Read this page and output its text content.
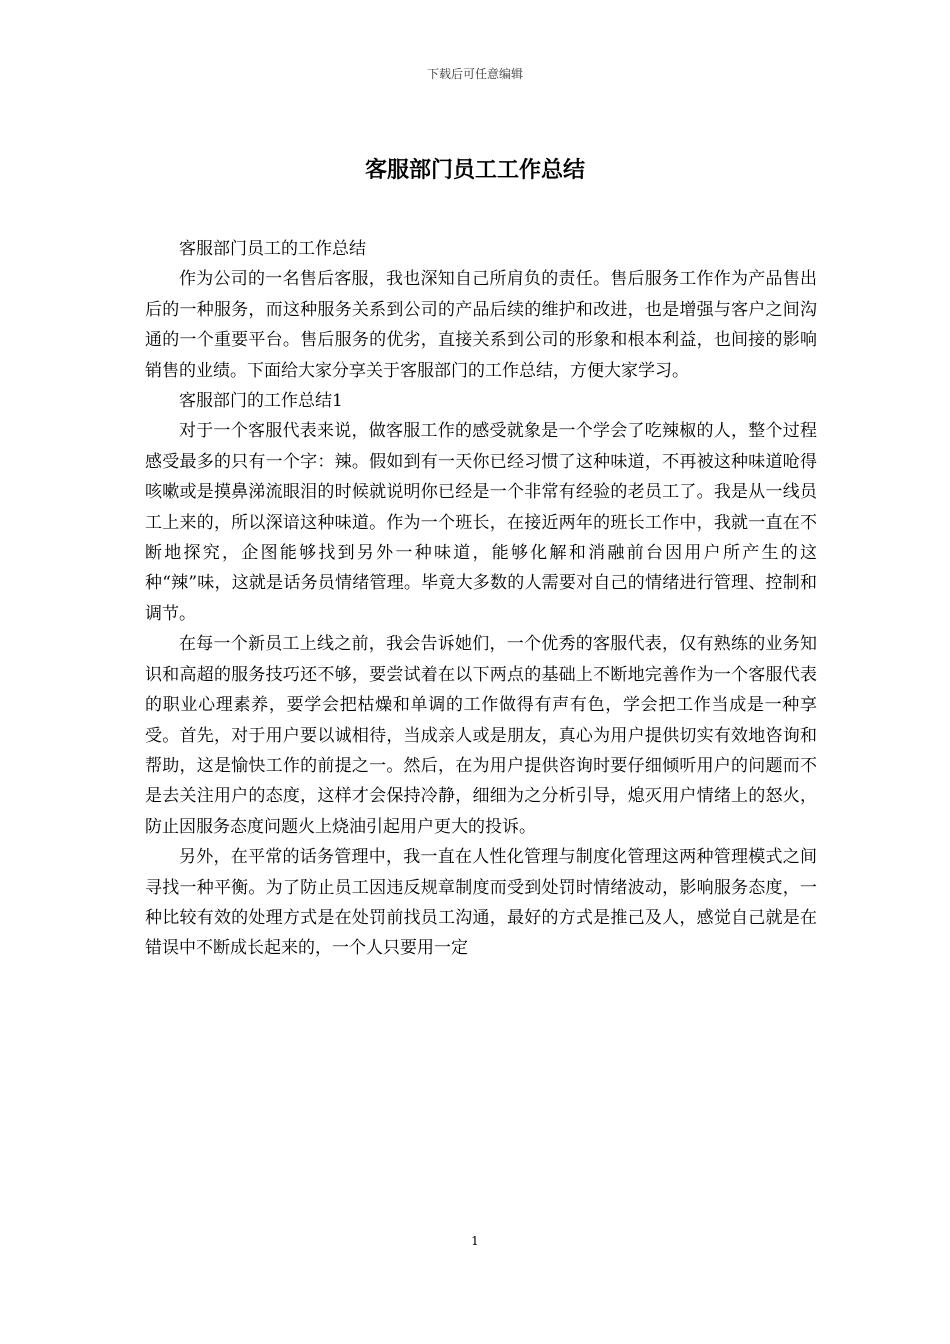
下载后可任意编辑
客服部门员工工作总结

客服部门员工的工作总结

作为公司的一名售后客服，我也深知自己所肩负的责任。售后服务工作作为产品售出后的一种服务，而这种服务关系到公司的产品后续的维护和改进，也是增强与客户之间沟通的一个重要平台。售后服务的优劣，直接关系到公司的形象和根本利益，也间接的影响销售的业绩。下面给大家分享关于客服部门的工作总结，方便大家学习。

客服部门的工作总结1

对于一个客服代表来说，做客服工作的感受就象是一个学会了吃辣椒的人，整个过程感受最多的只有一个字：辣。假如到有一天你已经习惯了这种味道，不再被这种味道呛得咳嗽或是摸鼻涕流眼泪的时候就说明你已经是一个非常有经验的老员工了。我是从一线员工上来的，所以深谙这种味道。作为一个班长，在接近两年的班长工作中，我就一直在不断地探究，企图能够找到另外一种味道，能够化解和消融前台因用户所产生的这种“辣”味，这就是话务员情绪管理。毕竟大多数的人需要对自己的情绪进行管理、控制和调节。

在每一个新员工上线之前，我会告诉她们，一个优秀的客服代表，仅有熟练的业务知识和高超的服务技巧还不够，要尝试着在以下两点的基础上不断地完善作为一个客服代表的职业心理素养，要学会把枯燥和单调的工作做得有声有色，学会把工作当成是一种享受。首先，对于用户要以诚相待，当成亲人或是朋友，真心为用户提供切实有效地咨询和帮助，这是愉快工作的前提之一。然后，在为用户提供咨询时要仔细倾听用户的问题而不是去关注用户的态度，这样才会保持冷静，细细为之分析引导，熄灭用户情绪上的怒火，防止因服务态度问题火上烧油引起用户更大的投诉。

另外，在平常的话务管理中，我一直在人性化管理与制度化管理这两种管理模式之间寻找一种平衡。为了防止员工因违反规章制度而受到处罚时情绪波动，影响服务态度，一种比较有效的处理方式是在处罚前找员工沟通，最好的方式是推己及人，感觉自己就是在错误中不断成长起来的，一个人只要用一定

1
